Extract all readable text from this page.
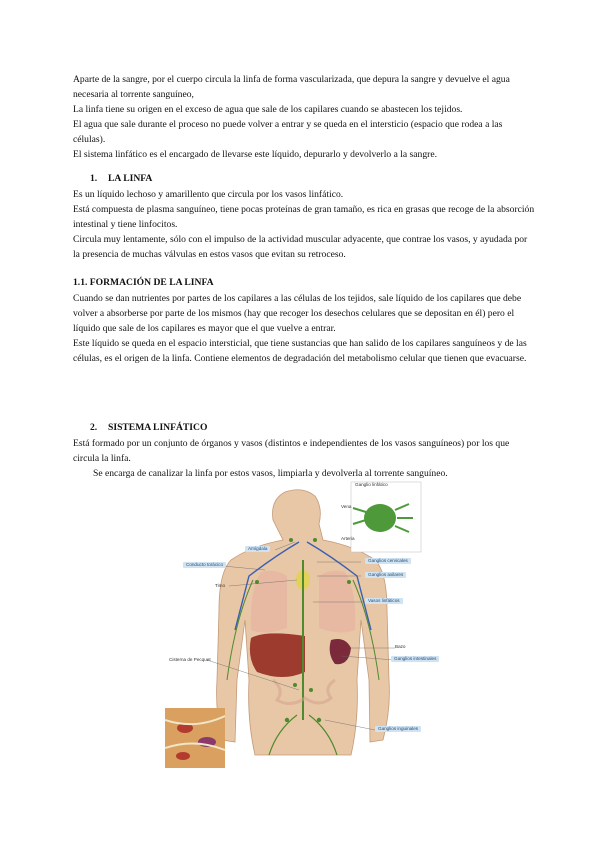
Aparte de la sangre, por el cuerpo circula la linfa de forma vascularizada, que depura la sangre y devuelve el agua necesaria al torrente sanguíneo,

La linfa tiene su origen en el exceso de agua que sale de los capilares cuando se abastecen los tejidos.

El agua que sale durante el proceso no puede volver a entrar y se queda en el intersticio (espacio que rodea a las células).

El sistema linfático es el encargado de llevarse este líquido, depurarlo y devolverlo a la sangre.

1. LA LINFA

Es un líquido lechoso y amarillento que circula por los vasos linfático.

Está compuesta de plasma sanguíneo, tiene pocas proteínas de gran tamaño, es rica en grasas que recoge de la absorción intestinal y tiene linfocitos.

Circula muy lentamente, sólo con el impulso de la actividad muscular adyacente, que contrae los vasos, y ayudada por la presencia de muchas válvulas en estos vasos que evitan su retroceso.

1.1. FORMACIÓN DE LA LINFA

Cuando se dan nutrientes por partes de los capilares a las células de los tejidos, sale líquido de los capilares que debe volver a absorberse por parte de los mismos (hay que recoger los desechos celulares que se depositan en él) pero el líquido que sale de los capilares es mayor que el que vuelve a entrar.

Este líquido se queda en el espacio intersticial, que tiene sustancias que han salido de los capilares sanguíneos y de las células, es el origen de la linfa. Contiene elementos de degradación del metabolismo celular que tienen que evacuarse.

2. SISTEMA LINFÁTICO

Está formado por un conjunto de órganos y vasos (distintos e independientes de los vasos sanguíneos) por los que circula la linfa.

Se encarga de canalizar la linfa por estos vasos, limpiarla y devolverla al torrente sanguíneo.

Ganglio linfático
Vena
Arteria
Amígdala
Ganglios cervicales
Conducto torácico
Ganglios axilares
Timo
Vasos linfáticos
Bazo
Cisterna de Pecquet	Ganglios intestinales
Ganglios inguinales
